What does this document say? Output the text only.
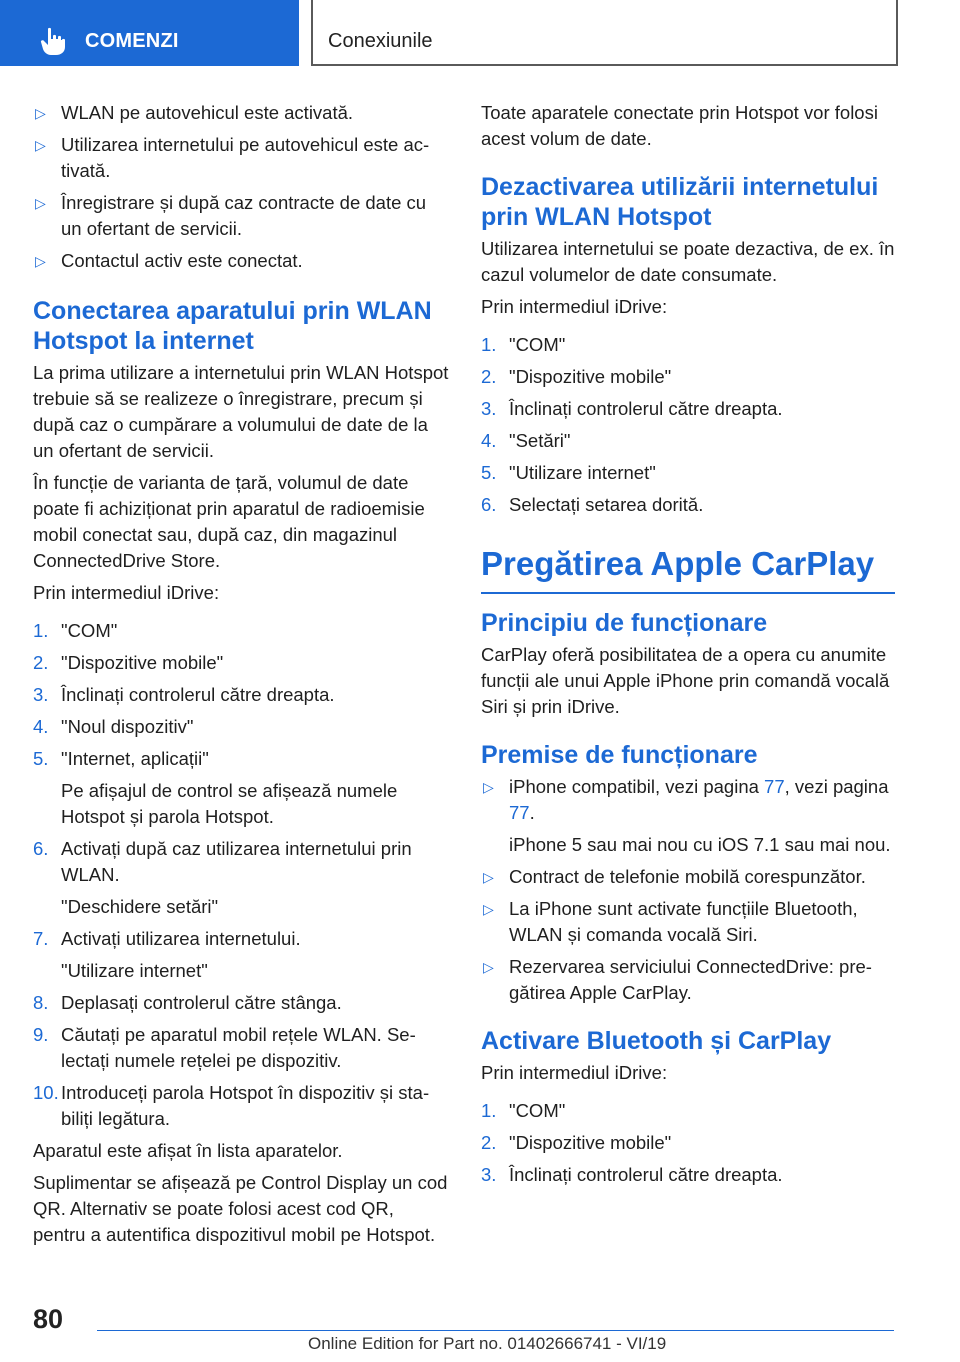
COMENZI	Conexiunile
▷ WLAN pe autovehicul este activată.
▷ Utilizarea internetului pe autovehicul este activată.
▷ Înregistrare și după caz contracte de date cu un ofertant de servicii.
▷ Contactul activ este conectat.
Conectarea aparatului prin WLAN Hotspot la internet
La prima utilizare a internetului prin WLAN Hotspot trebuie să se realizeze o înregistrare, precum și după caz o cumpărare a volumului de date de la un ofertant de servicii.
În funcție de varianta de țară, volumul de date poate fi achiziționat prin aparatul de radioemisie mobil conectat sau, după caz, din magazinul ConnectedDrive Store.
Prin intermediul iDrive:
1. "COM"
2. "Dispozitive mobile"
3. Înclinați controlerul către dreapta.
4. "Noul dispozitiv"
5. "Internet, aplicații"
Pe afișajul de control se afișează numele Hotspot și parola Hotspot.
6. Activați după caz utilizarea internetului prin WLAN.
"Deschidere setări"
7. Activați utilizarea internetului.
"Utilizare internet"
8. Deplasați controlerul către stânga.
9. Căutați pe aparatul mobil rețele WLAN. Selectați numele rețelei pe dispozitiv.
10. Introduceți parola Hotspot în dispozitiv și stabiliți legătura.
Aparatul este afișat în lista aparatelor.
Suplimentar se afișează pe Control Display un cod QR. Alternativ se poate folosi acest cod QR, pentru a autentifica dispozitivul mobil pe Hotspot.
Toate aparatele conectate prin Hotspot vor folosi acest volum de date.
Dezactivarea utilizării internetului prin WLAN Hotspot
Utilizarea internetului se poate dezactiva, de ex. în cazul volumelor de date consumate.
Prin intermediul iDrive:
1. "COM"
2. "Dispozitive mobile"
3. Înclinați controlerul către dreapta.
4. "Setări"
5. "Utilizare internet"
6. Selectați setarea dorită.
Pregătirea Apple CarPlay
Principiu de funcționare
CarPlay oferă posibilitatea de a opera cu anumite funcții ale unui Apple iPhone prin comandă vocală Siri și prin iDrive.
Premise de funcționare
▷ iPhone compatibil, vezi pagina 77, vezi pagina 77.
iPhone 5 sau mai nou cu iOS 7.1 sau mai nou.
▷ Contract de telefonie mobilă corespunzător.
▷ La iPhone sunt activate funcțiile Bluetooth, WLAN și comanda vocală Siri.
▷ Rezervarea serviciului ConnectedDrive: pregătirea Apple CarPlay.
Activare Bluetooth și CarPlay
Prin intermediul iDrive:
1. "COM"
2. "Dispozitive mobile"
3. Înclinați controlerul către dreapta.
80
Online Edition for Part no. 01402666741 - VI/19
